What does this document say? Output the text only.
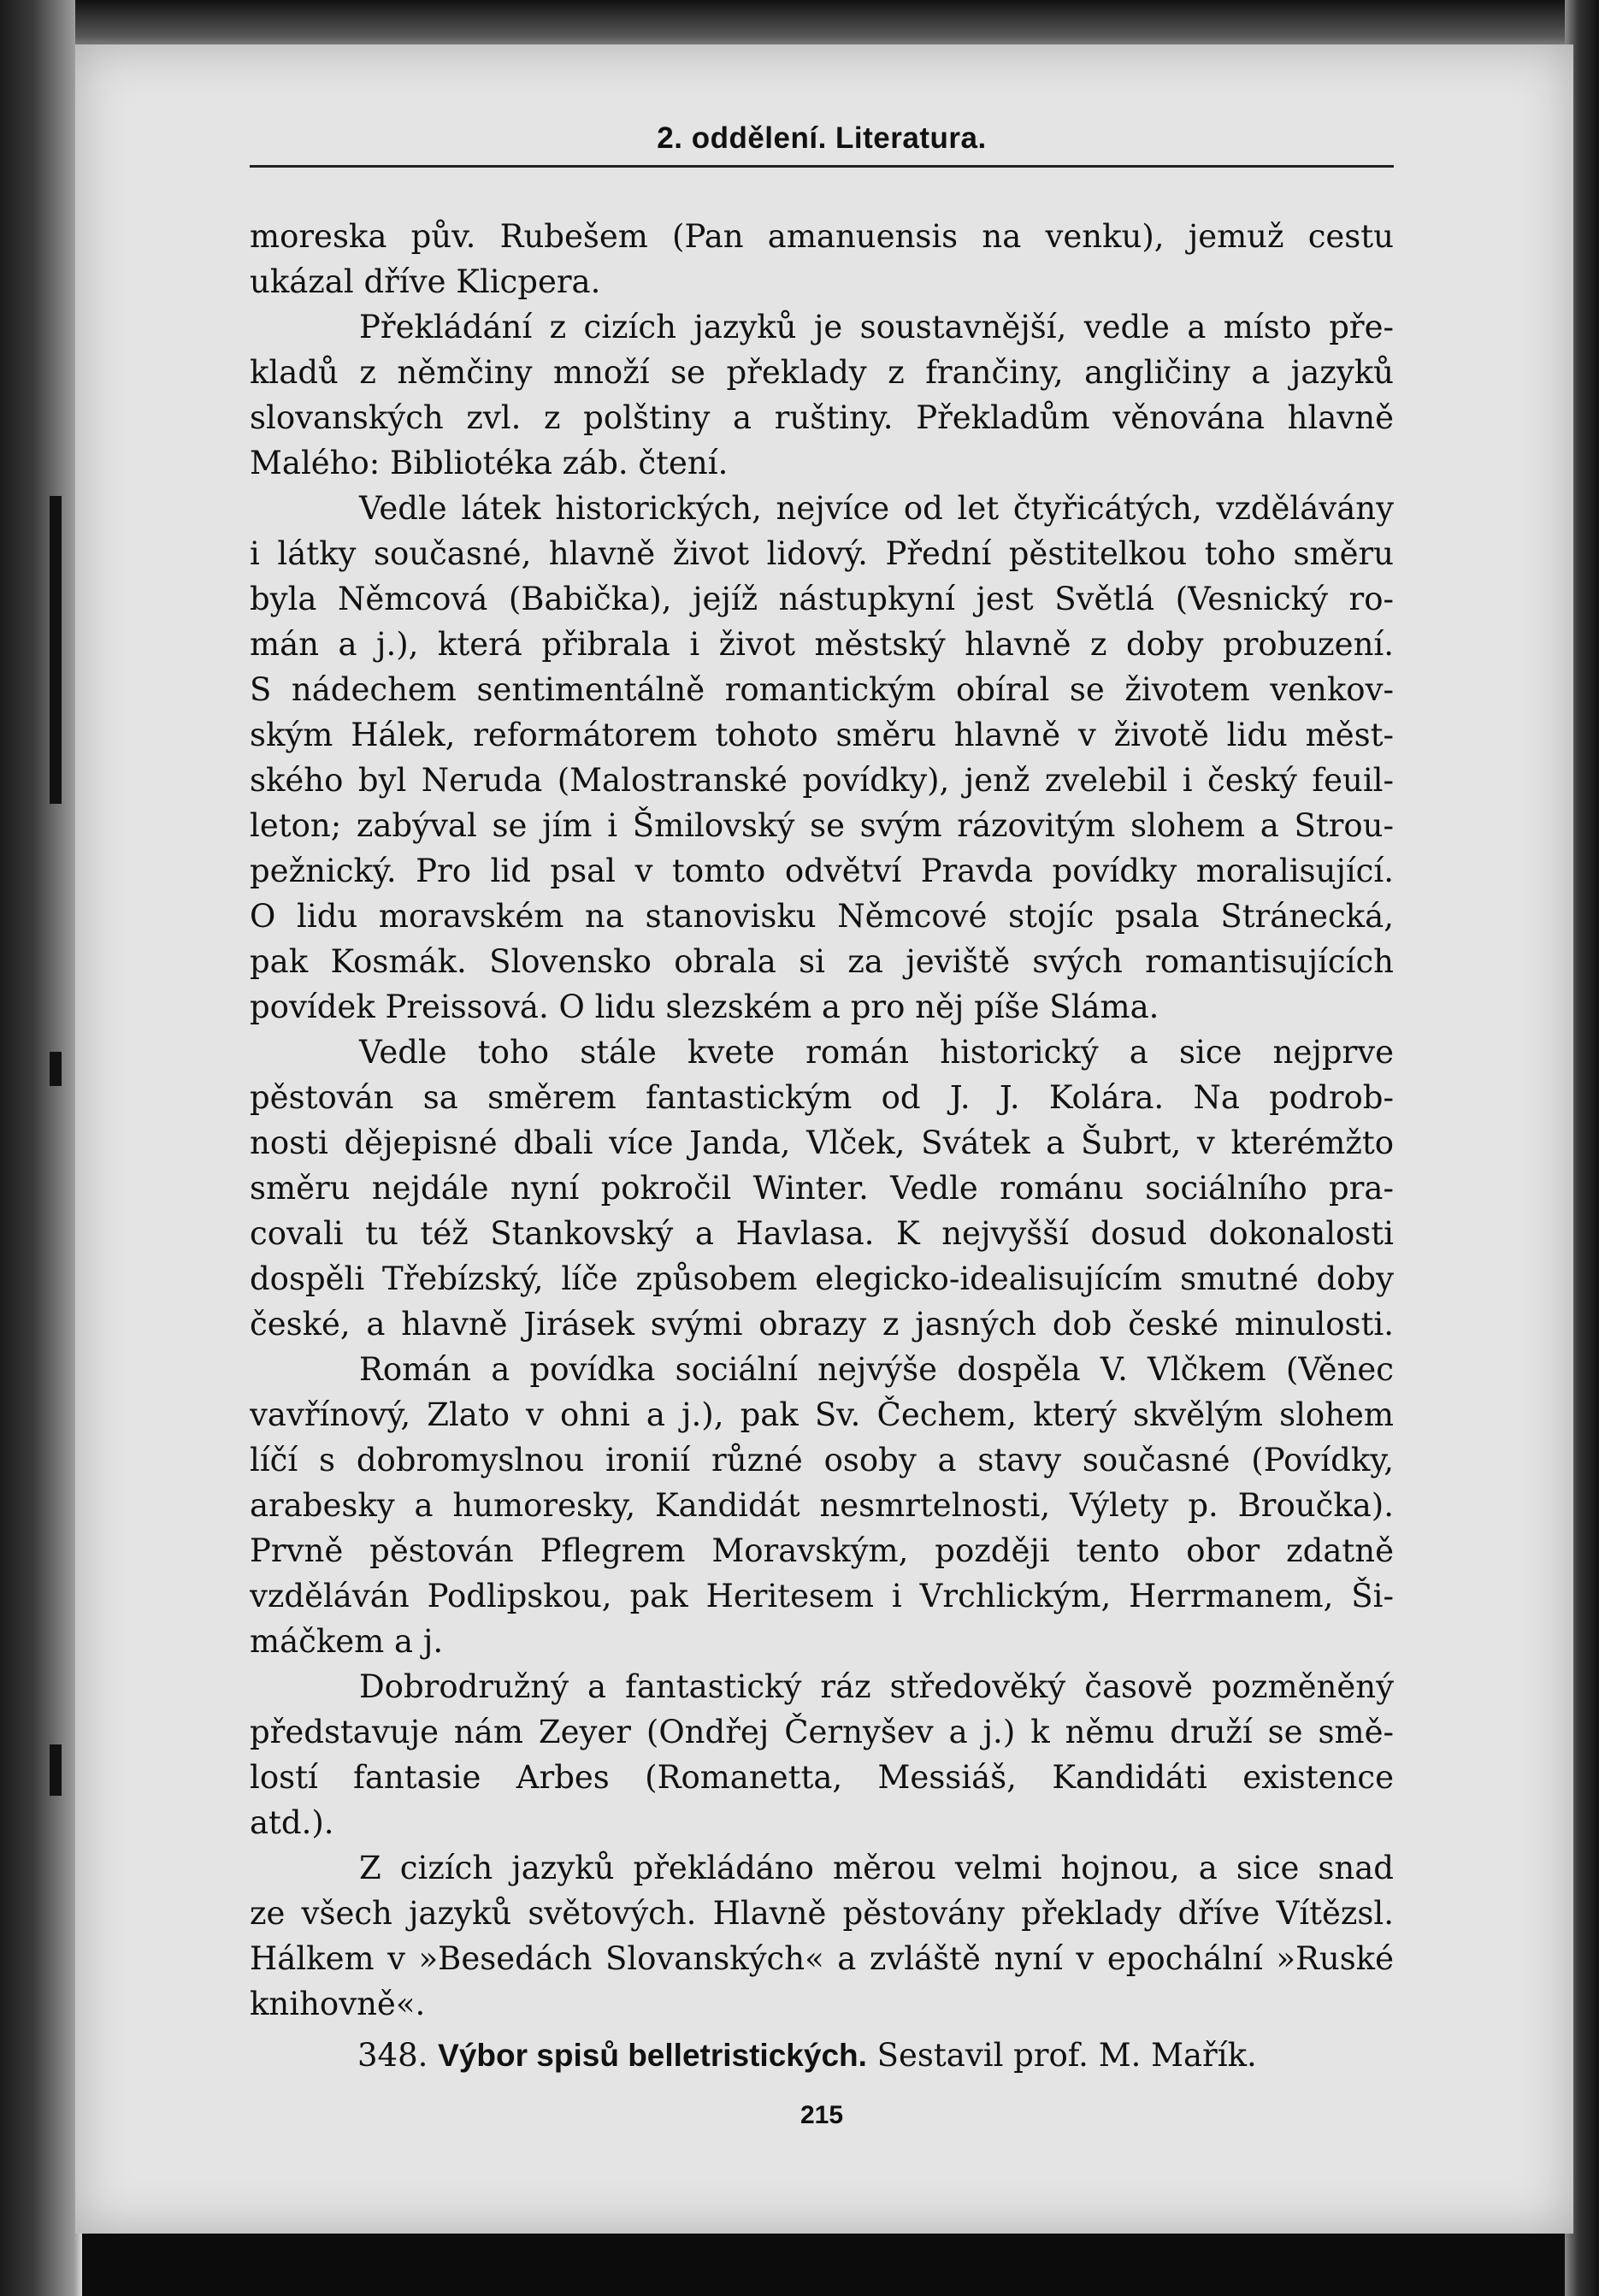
2. oddělení. Literatura.
moreska pův. Rubešem (Pan amanuensis na venku), jemuž cestu
ukázal dříve Klicpera.
Překládání z cizích jazyků je soustavnější, vedle a místo pře-
kladů z němčiny množí se překlady z frančiny, angličiny a jazyků
slovanských zvl. z polštiny a ruštiny. Překladům věnována hlavně
Malého: Bibliotéka záb. čtení.
Vedle látek historických, nejvíce od let čtyřicátých, vzdělávány
i látky současné, hlavně život lidový. Přední pěstitelkou toho směru
byla Němcová (Babička), jejíž nástupkyní jest Světlá (Vesnický ro-
mán a j.), která přibrala i život městský hlavně z doby probuzení.
S nádechem sentimentálně romantickým obíral se životem venkov-
ským Hálek, reformátorem tohoto směru hlavně v životě lidu měst-
ského byl Neruda (Malostranské povídky), jenž zvelebil i český feuil-
leton; zabýval se jím i Šmilovský se svým rázovitým slohem a Strou-
pežnický. Pro lid psal v tomto odvětví Pravda povídky moralisující.
O lidu moravském na stanovisku Němcové stojíc psala Stránecká,
pak Kosmák. Slovensko obrala si za jeviště svých romantisujících
povídek Preissová. O lidu slezském a pro něj píše Sláma.
Vedle toho stále kvete román historický a sice nejprve
pěstován sa směrem fantastickým od J. J. Kolára. Na podrob-
nosti dějepisné dbali více Janda, Vlček, Svátek a Šubrt, v kterémžto
směru nejdále nyní pokročil Winter. Vedle románu sociálního pra-
covali tu též Stankovský a Havlasa. K nejvyšší dosud dokonalosti
dospěli Třebízský, líče způsobem elegicko-idealisujícím smutné doby
české, a hlavně Jirásek svými obrazy z jasných dob české minulosti.
Román a povídka sociální nejvýše dospěla V. Vlčkem (Věnec
vavřínový, Zlato v ohni a j.), pak Sv. Čechem, který skvělým slohem
líčí s dobromyslnou ironií různé osoby a stavy současné (Povídky,
arabesky a humoresky, Kandidát nesmrtelnosti, Výlety p. Broučka).
Prvně pěstován Pflegrem Moravským, později tento obor zdatně
vzděláván Podlipskou, pak Heritesem i Vrchlickým, Herrmanem, Ši-
máčkem a j.
Dobrodružný a fantastický ráz středověký časově pozměněný
představuje nám Zeyer (Ondřej Černyšev a j.) k němu druží se smě-
lostí fantasie Arbes (Romanetta, Messiáš, Kandidáti existence
atd.).
Z cizích jazyků překládáno měrou velmi hojnou, a sice snad
ze všech jazyků světových. Hlavně pěstovány překlady dříve Vítězsl.
Hálkem v »Besedách Slovanských« a zvláště nyní v epochální »Ruské
knihovně«.
348. Výbor spisů belletristických. Sestavil prof. M. Mařík.
215
